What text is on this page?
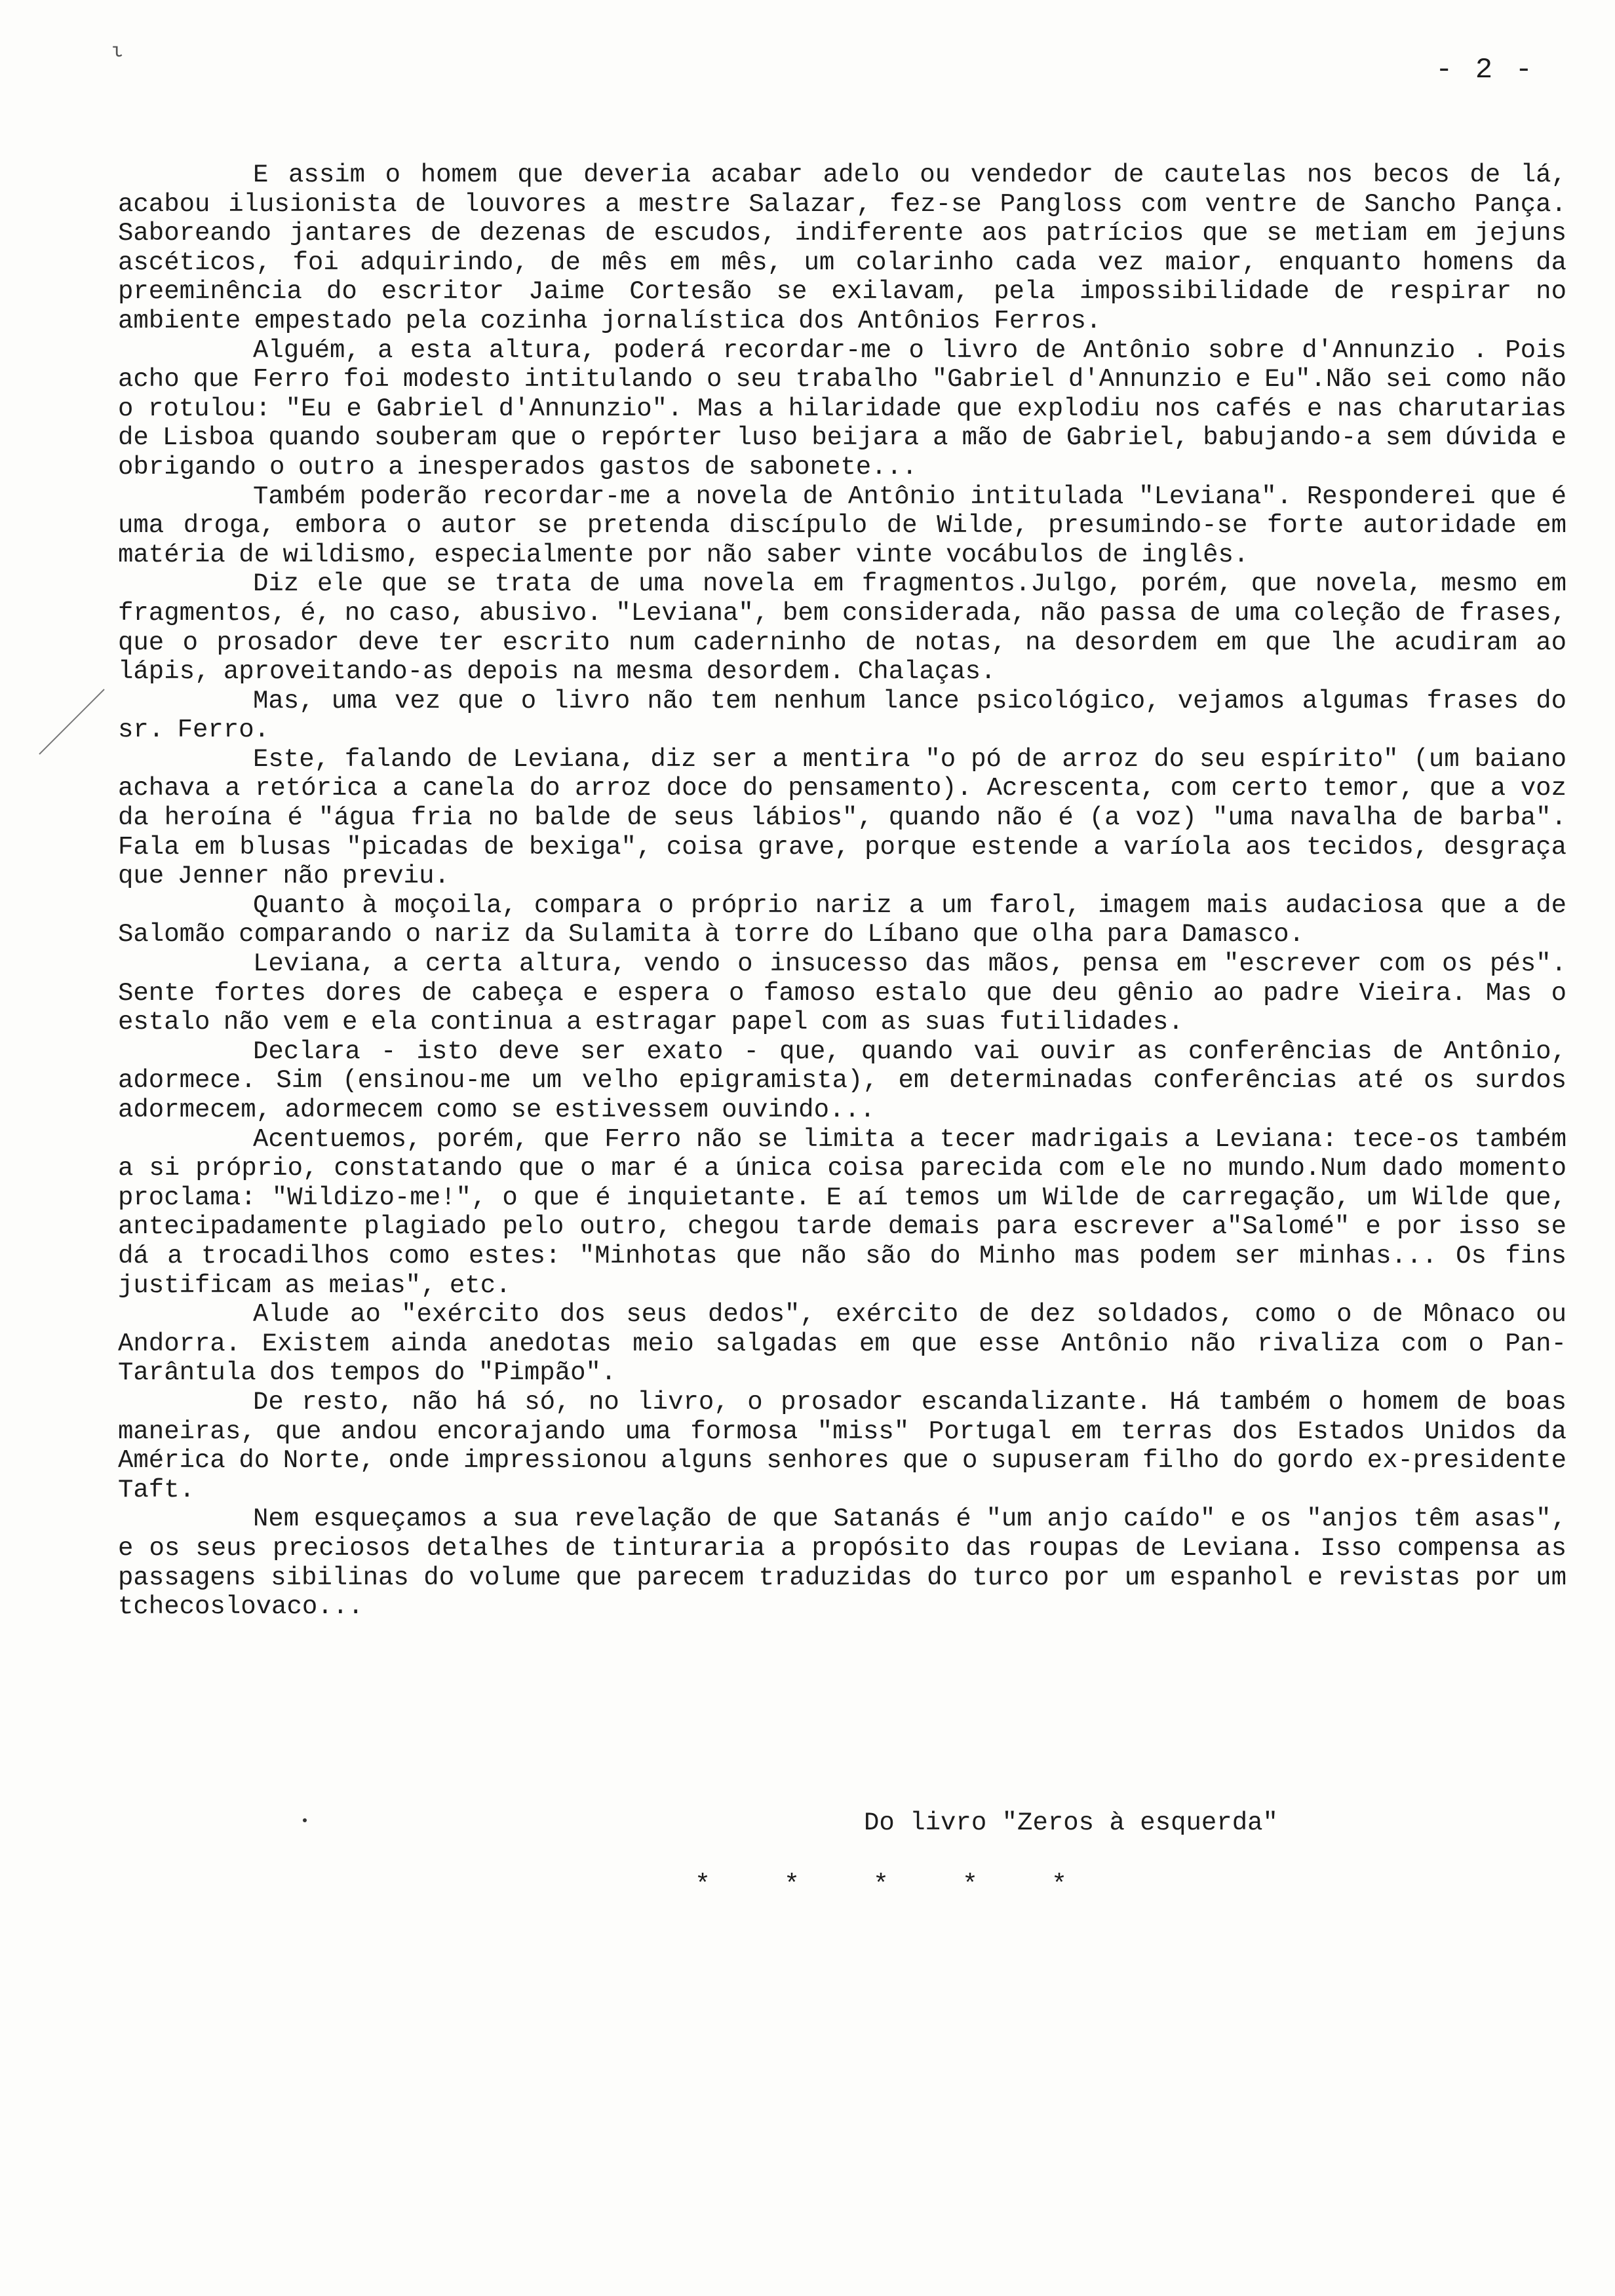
ι
- 2 -

E assim o homem que deveria acabar adelo ou vendedor de cautelas nos becos de lá, acabou ilusionista de louvores a mestre Salazar, fez-se Pangloss com ventre de Sancho Pança. Saboreando jantares de dezenas de escudos, indiferente aos patrícios que se metiam em jejuns ascéticos, foi adquirindo, de mês em mês, um colarinho cada vez maior, enquanto homens da preeminência do escritor Jaime Cortesão se exilavam, pela impossibilidade de respirar no ambiente empestado pela cozinha jornalística dos Antônios Ferros.

Alguém, a esta altura, poderá recordar-me o livro de Antônio sobre d'Annunzio . Pois acho que Ferro foi modesto intitulando o seu trabalho "Gabriel d'Annunzio e Eu".Não sei como não o rotulou: "Eu e Gabriel d'Annunzio". Mas a hilaridade que explodiu nos cafés e nas charutarias de Lisboa quando souberam que o repórter luso beijara a mão de Gabriel, babujando-a sem dúvida e obrigando o outro a inesperados gastos de sabonete...

Também poderão recordar-me a novela de Antônio intitulada "Leviana". Responderei que é uma droga, embora o autor se pretenda discípulo de Wilde, presumindo-se forte autoridade em matéria de wildismo, especialmente por não saber vinte vocábulos de inglês.

Diz ele que se trata de uma novela em fragmentos.Julgo, porém, que novela, mesmo em fragmentos, é, no caso, abusivo. "Leviana", bem considerada, não passa de uma coleção de frases, que o prosador deve ter escrito num caderninho de notas, na desordem em que lhe acudiram ao lápis, aproveitando-as depois na mesma desordem. Chalaças.

Mas, uma vez que o livro não tem nenhum lance psicológico, vejamos algumas frases do sr. Ferro.

Este, falando de Leviana, diz ser a mentira "o pó de arroz do seu espírito" (um baiano achava a retórica a canela do arroz doce do pensamento). Acrescenta, com certo temor, que a voz da heroína é "água fria no balde de seus lábios", quando não é (a voz) "uma navalha de barba". Fala em blusas "picadas de bexiga", coisa grave, porque estende a varíola aos tecidos, desgraça que Jenner não previu.

Quanto à moçoila, compara o próprio nariz a um farol, imagem mais audaciosa que a de Salomão comparando o nariz da Sulamita à torre do Líbano que olha para Damasco.

Leviana, a certa altura, vendo o insucesso das mãos, pensa em "escrever com os pés". Sente fortes dores de cabeça e espera o famoso estalo que deu gênio ao padre Vieira. Mas o estalo não vem e ela continua a estragar papel com as suas futilidades.

Declara - isto deve ser exato - que, quando vai ouvir as conferências de Antônio, adormece. Sim (ensinou-me um velho epigramista), em determinadas conferências até os surdos adormecem, adormecem como se estivessem ouvindo...

Acentuemos, porém, que Ferro não se limita a tecer madrigais a Leviana: tece-os também a si próprio, constatando que o mar é a única coisa parecida com ele no mundo.Num dado momento proclama: "Wildizo-me!", o que é inquietante. E aí temos um Wilde de carregação, um Wilde que, antecipadamente plagiado pelo outro, chegou tarde demais para escrever a"Salomé" e por isso se dá a trocadilhos como estes: "Minhotas que não são do Minho mas podem ser minhas... Os fins justificam as meias", etc.

Alude ao "exército dos seus dedos", exército de dez soldados, como o de Mônaco ou Andorra. Existem ainda anedotas meio salgadas em que esse Antônio não rivaliza com o Pan-Tarântula dos tempos do "Pimpão".

De resto, não há só, no livro, o prosador escandalizante. Há também o homem de boas maneiras, que andou encorajando uma formosa "miss" Portugal em terras dos Estados Unidos da América do Norte, onde impressionou alguns senhores que o supuseram filho do gordo ex-presidente Taft.

Nem esqueçamos a sua revelação de que Satanás é "um anjo caído" e os "anjos têm asas", e os seus preciosos detalhes de tinturaria a propósito das roupas de Leviana. Isso compensa as passagens sibilinas do volume que parecem traduzidas do turco por um espanhol e revistas por um tchecoslovaco...

Do livro "Zeros à esquerda"
* * * * *
